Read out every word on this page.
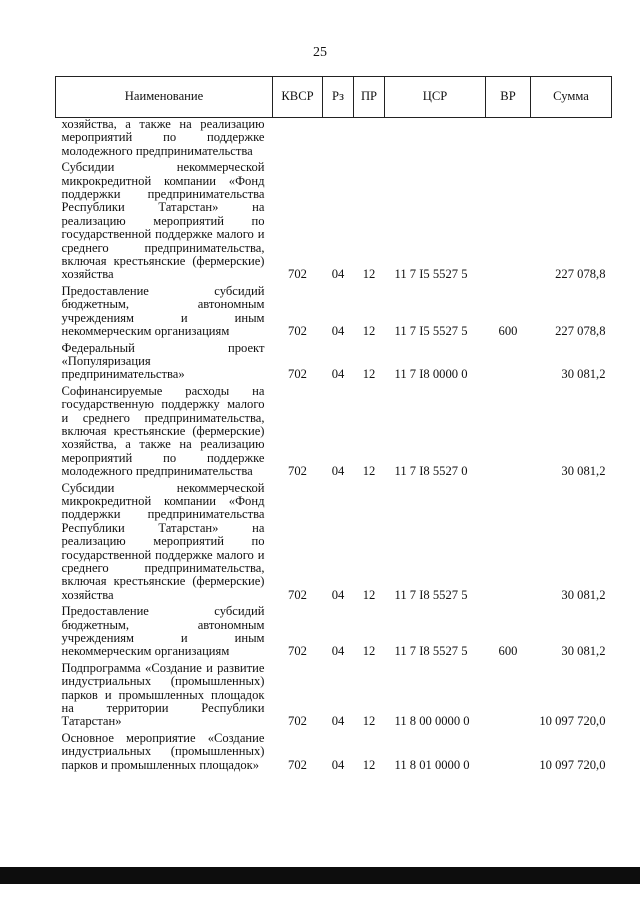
25
Наименование	КВСР	Рз	ПР	ЦСР	ВР	Сумма
хозяйства, а также на реализацию мероприятий по поддержке молодежного предпринимательства						
Субсидии некоммерческой микрокредитной компании «Фонд поддержки предпринимательства Республики Татарстан» на реализацию мероприятий по государственной поддержке малого и среднего предпринимательства, включая крестьянские (фермерские) хозяйства	702	04	12	11 7 I5 5527 5		227 078,8
Предоставление субсидий бюджетным, автономным учреждениям и иным некоммерческим организациям	702	04	12	11 7 I5 5527 5	600	227 078,8
Федеральный проект «Популяризация предпринимательства»	702	04	12	11 7 I8 0000 0		30 081,2
Софинансируемые расходы на государственную поддержку малого и среднего предпринимательства, включая крестьянские (фермерские) хозяйства, а также на реализацию мероприятий по поддержке молодежного предпринимательства	702	04	12	11 7 I8 5527 0		30 081,2
Субсидии некоммерческой микрокредитной компании «Фонд поддержки предпринимательства Республики Татарстан» на реализацию мероприятий по государственной поддержке малого и среднего предпринимательства, включая крестьянские (фермерские) хозяйства	702	04	12	11 7 I8 5527 5		30 081,2
Предоставление субсидий бюджетным, автономным учреждениям и иным некоммерческим организациям	702	04	12	11 7 I8 5527 5	600	30 081,2
Подпрограмма «Создание и развитие индустриальных (промышленных) парков и промышленных площадок на территории Республики Татарстан»	702	04	12	11 8 00 0000 0		10 097 720,0
Основное мероприятие «Создание индустриальных (промышленных) парков и промышленных площадок»	702	04	12	11 8 01 0000 0		10 097 720,0
